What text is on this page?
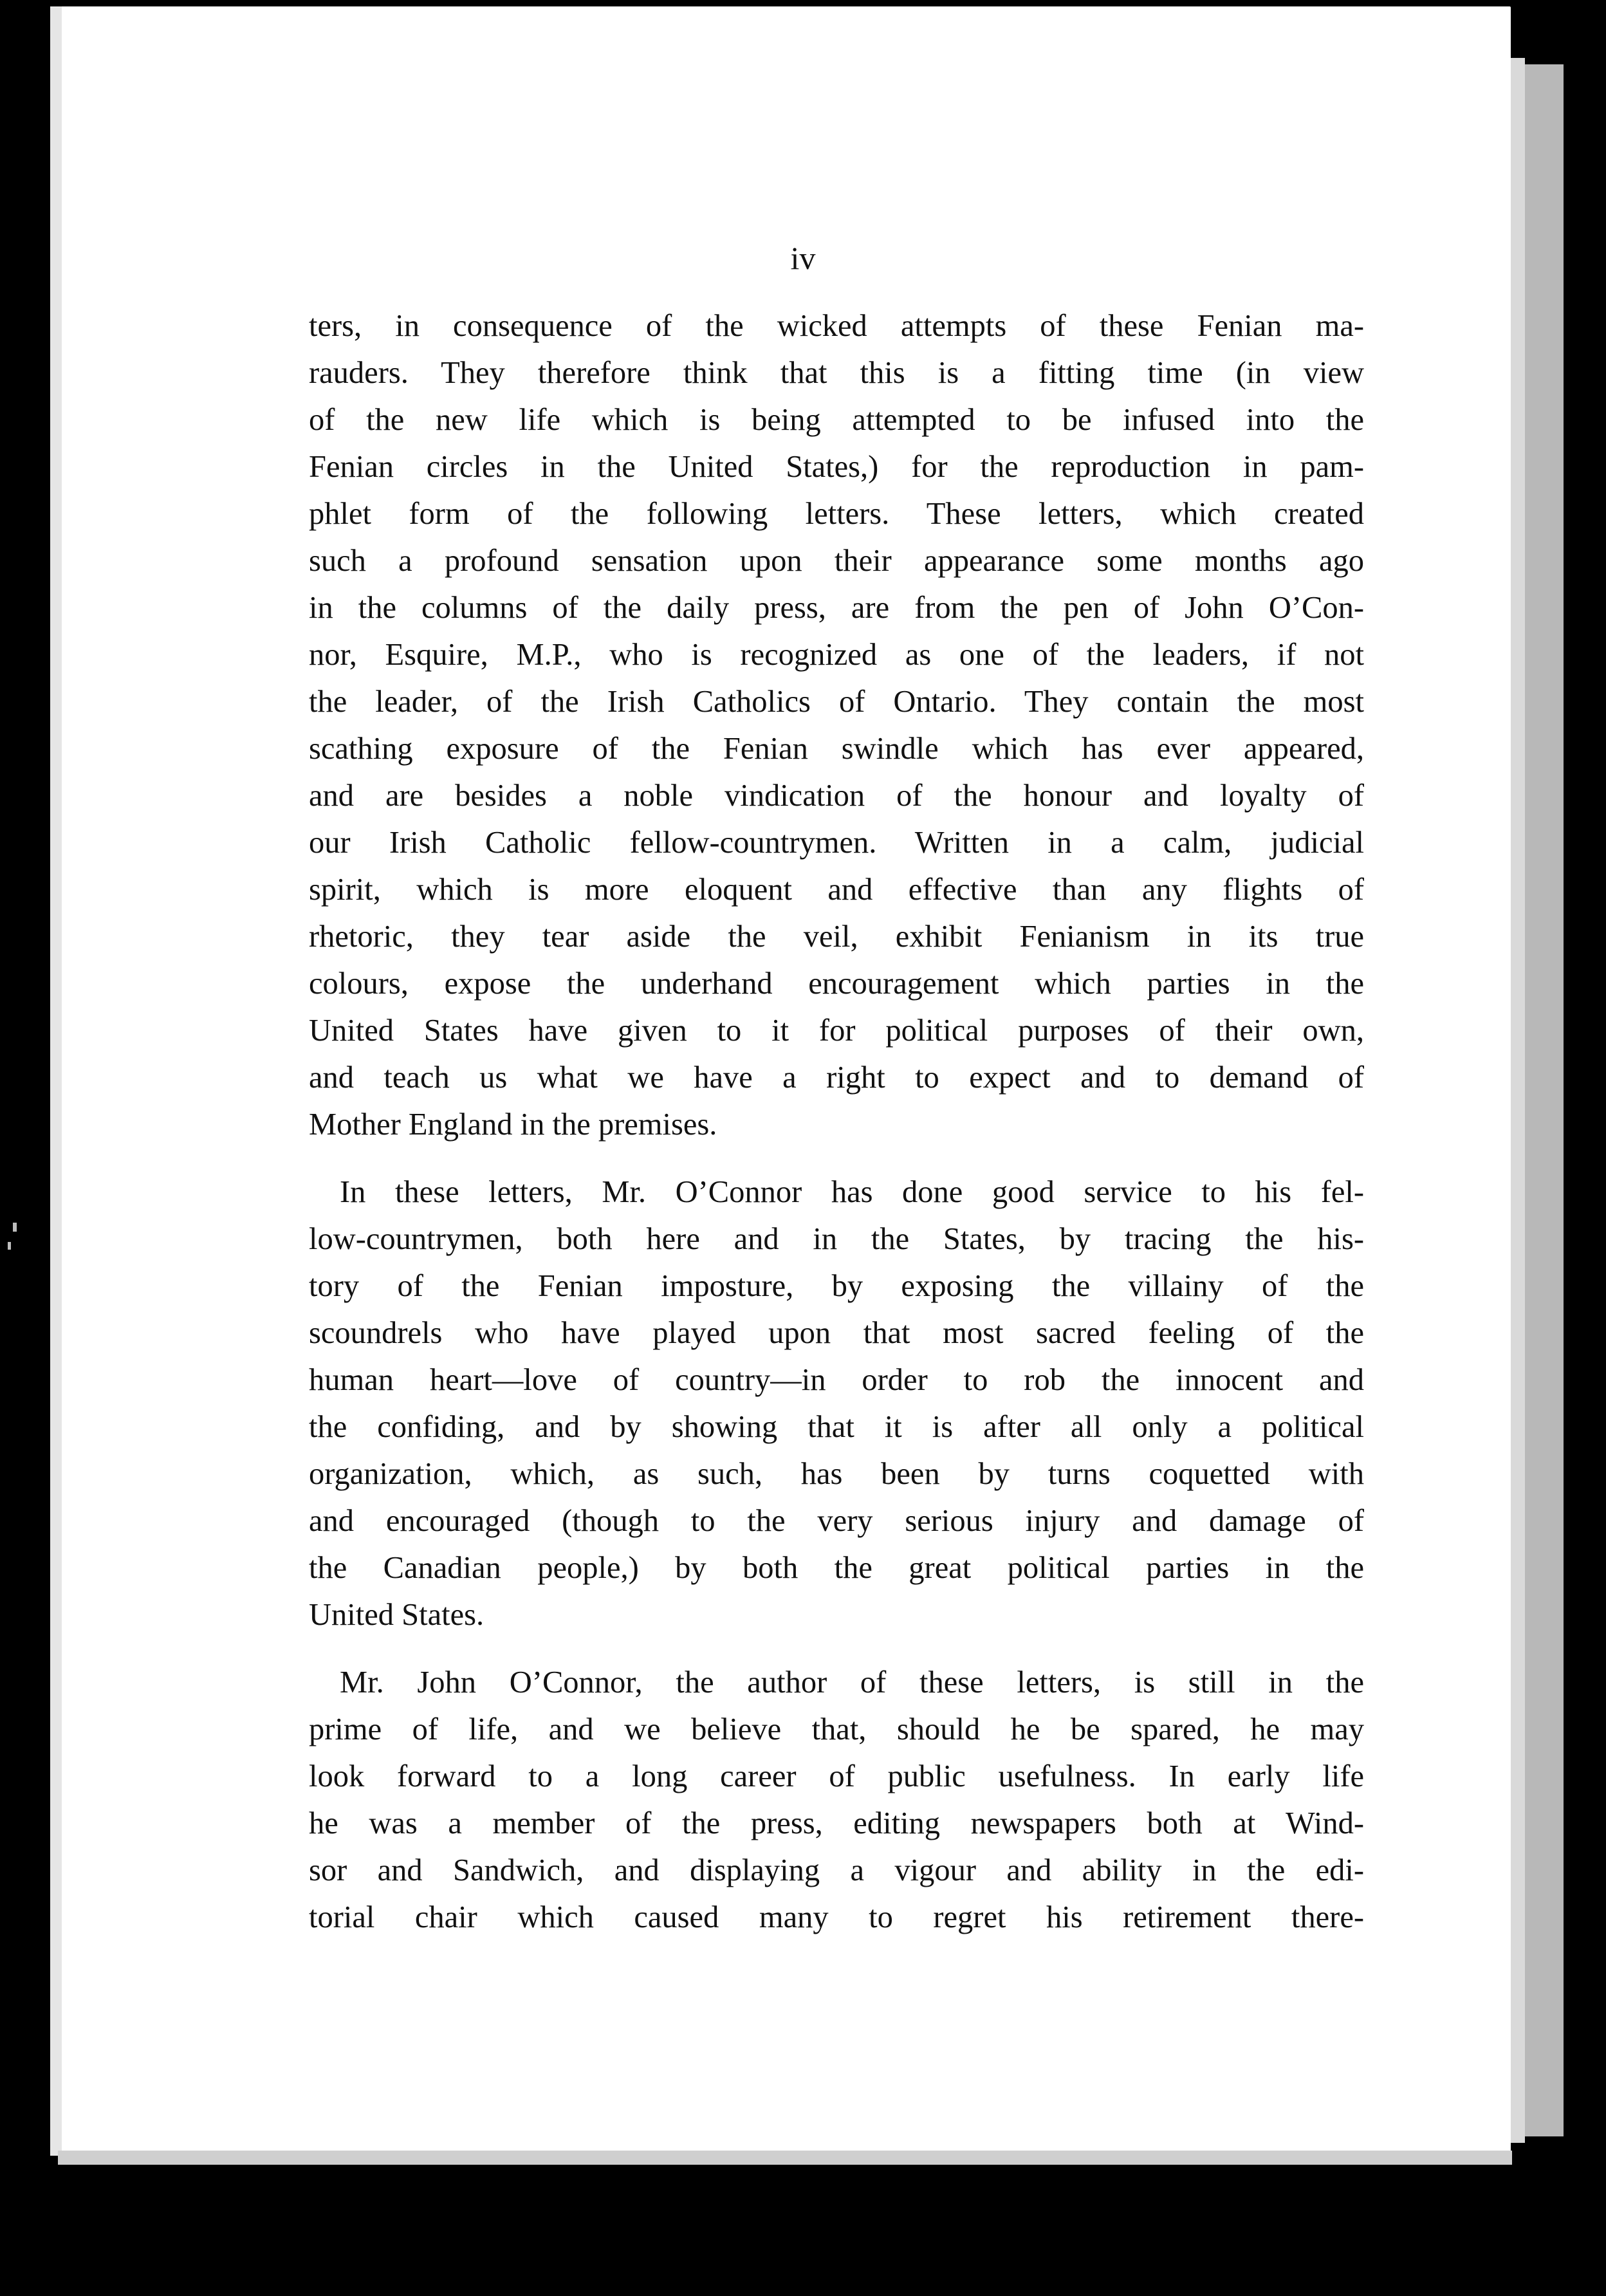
iv
ters, in consequence of the wicked attempts of these Fenian ma-
rauders. They therefore think that this is a fitting time (in view
of the new life which is being attempted to be infused into the
Fenian circles in the United States,) for the reproduction in pam-
phlet form of the following letters. These letters, which created
such a profound sensation upon their appearance some months ago
in the columns of the daily press, are from the pen of John O’Con-
nor, Esquire, M.P., who is recognized as one of the leaders, if not
the leader, of the Irish Catholics of Ontario. They contain the most
scathing exposure of the Fenian swindle which has ever appeared,
and are besides a noble vindication of the honour and loyalty of
our Irish Catholic fellow-countrymen. Written in a calm, judicial
spirit, which is more eloquent and effective than any flights of
rhetoric, they tear aside the veil, exhibit Fenianism in its true
colours, expose the underhand encouragement which parties in the
United States have given to it for political purposes of their own,
and teach us what we have a right to expect and to demand of
Mother England in the premises.
In these letters, Mr. O’Connor has done good service to his fel-
low-countrymen, both here and in the States, by tracing the his-
tory of the Fenian imposture, by exposing the villainy of the
scoundrels who have played upon that most sacred feeling of the
human heart—love of country—in order to rob the innocent and
the confiding, and by showing that it is after all only a political
organization, which, as such, has been by turns coquetted with
and encouraged (though to the very serious injury and damage of
the Canadian people,) by both the great political parties in the
United States.
Mr. John O’Connor, the author of these letters, is still in the
prime of life, and we believe that, should he be spared, he may
look forward to a long career of public usefulness. In early life
he was a member of the press, editing newspapers both at Wind-
sor and Sandwich, and displaying a vigour and ability in the edi-
torial chair which caused many to regret his retirement there-
